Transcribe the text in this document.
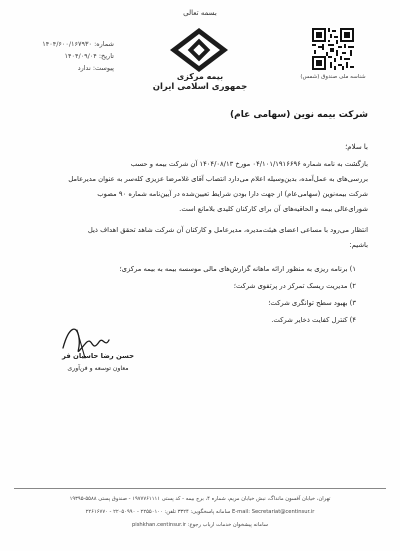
بسمه تعالی
بیمه مرکزی
جمهوری اسلامی ایران
شماره: ۱۴۰۴/۶۰۰/۱۶۷۹۳۰
تاریخ: ۱۴۰۴/۰۹/۰۴
پیوست: ندارد
شناسه ملی صندوق (شمس)
شرکت بیمه نوین (سهامی عام)
با سلام؛
بازگشت به نامه شماره ۰۴/۱۰۱/۱۹۱۶۶۹۶ مورخ ۱۴۰۴/۰۸/۱۳ آن شرکت بیمه و حسب
بررسی‌های به عمل‌آمده، بدین‌وسیله اعلام می‌دارد انتصاب آقای غلامرضا عزیزی کله‌سر به عنوان مدیرعامل
شرکت بیمه‌نوین (سهامی‌عام) از جهت دارا بودن شرایط تعیین‌شده در آیین‌نامه شماره ۹۰ مصوب
شورای‌عالی بیمه و الحاقیه‌های آن برای کارکنان کلیدی بلامانع است.
انتظار می‌رود با مساعی اعضای هیئت‌مدیره، مدیرعامل و کارکنان آن شرکت شاهد تحقق اهداف ذیل
باشیم:
۱) برنامه ریزی به منظور ارائه ماهانه گزارش‌های مالی موسسه بیمه به بیمه مرکزی؛
۲) مدیریت ریسک تمرکز در پرتفوی شرکت؛
۳) بهبود سطح توانگری شرکت؛
۴) کنترل کفایت ذخایر شرکت.
حسن رضا حاسیان فر
معاون توسعه و فن‌آوری
تهران، خیابان آفسون مانداگ، نبش خیابان مریم، شماره ۴، برج بیمه - کد پستی ۱۹۷۷۷۶۱۱۱۱ - صندوق پستی ۵۵۸۸-۱۹۳۹۵
E-mail: Secretariat@centinsur.ir سامانه پاسخگویی: ۳۳۲۴ تلفن: ۲۲۵۵۰۱۰۰ - ۲۲۰۵۰۹۹۰ - ۲۲۶۱۶۷۷۰
سامانه پیشخوان خدمات ارباب رجوع: pishkhan.centinsur.ir
